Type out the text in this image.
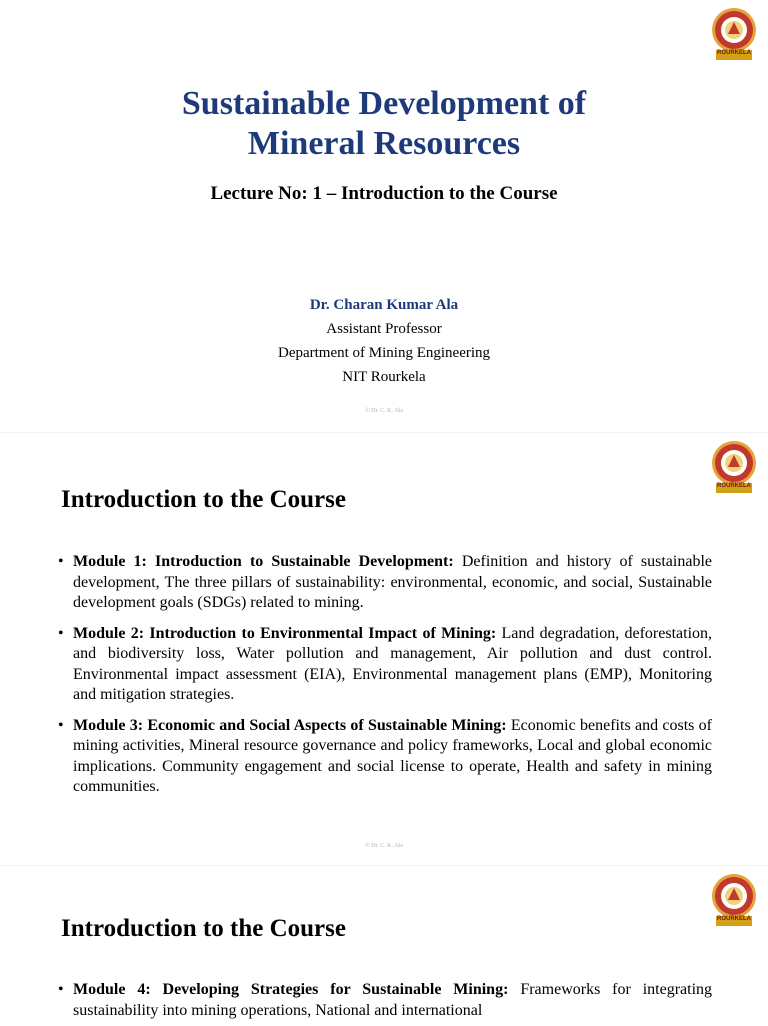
ROURKELA
Sustainable Development of
Mineral Resources
Lecture No: 1 – Introduction to the Course
Dr. Charan Kumar Ala
Assistant Professor
Department of Mining Engineering
NIT Rourkela
© Dr. C. K. Ala
ROURKELA
Introduction to the Course
• Module 1: Introduction to Sustainable Development: Definition and history of sustainable development, The three pillars of sustainability: environmental, economic, and social, Sustainable development goals (SDGs) related to mining.
• Module 2: Introduction to Environmental Impact of Mining: Land degradation, deforestation, and biodiversity loss, Water pollution and management, Air pollution and dust control. Environmental impact assessment (EIA), Environmental management plans (EMP), Monitoring and mitigation strategies.
• Module 3: Economic and Social Aspects of Sustainable Mining: Economic benefits and costs of mining activities, Mineral resource governance and policy frameworks, Local and global economic implications. Community engagement and social license to operate, Health and safety in mining communities.
© Dr. C. K. Ala
ROURKELA
Introduction to the Course
• Module 4: Developing Strategies for Sustainable Mining: Frameworks for integrating sustainability into mining operations, National and international
